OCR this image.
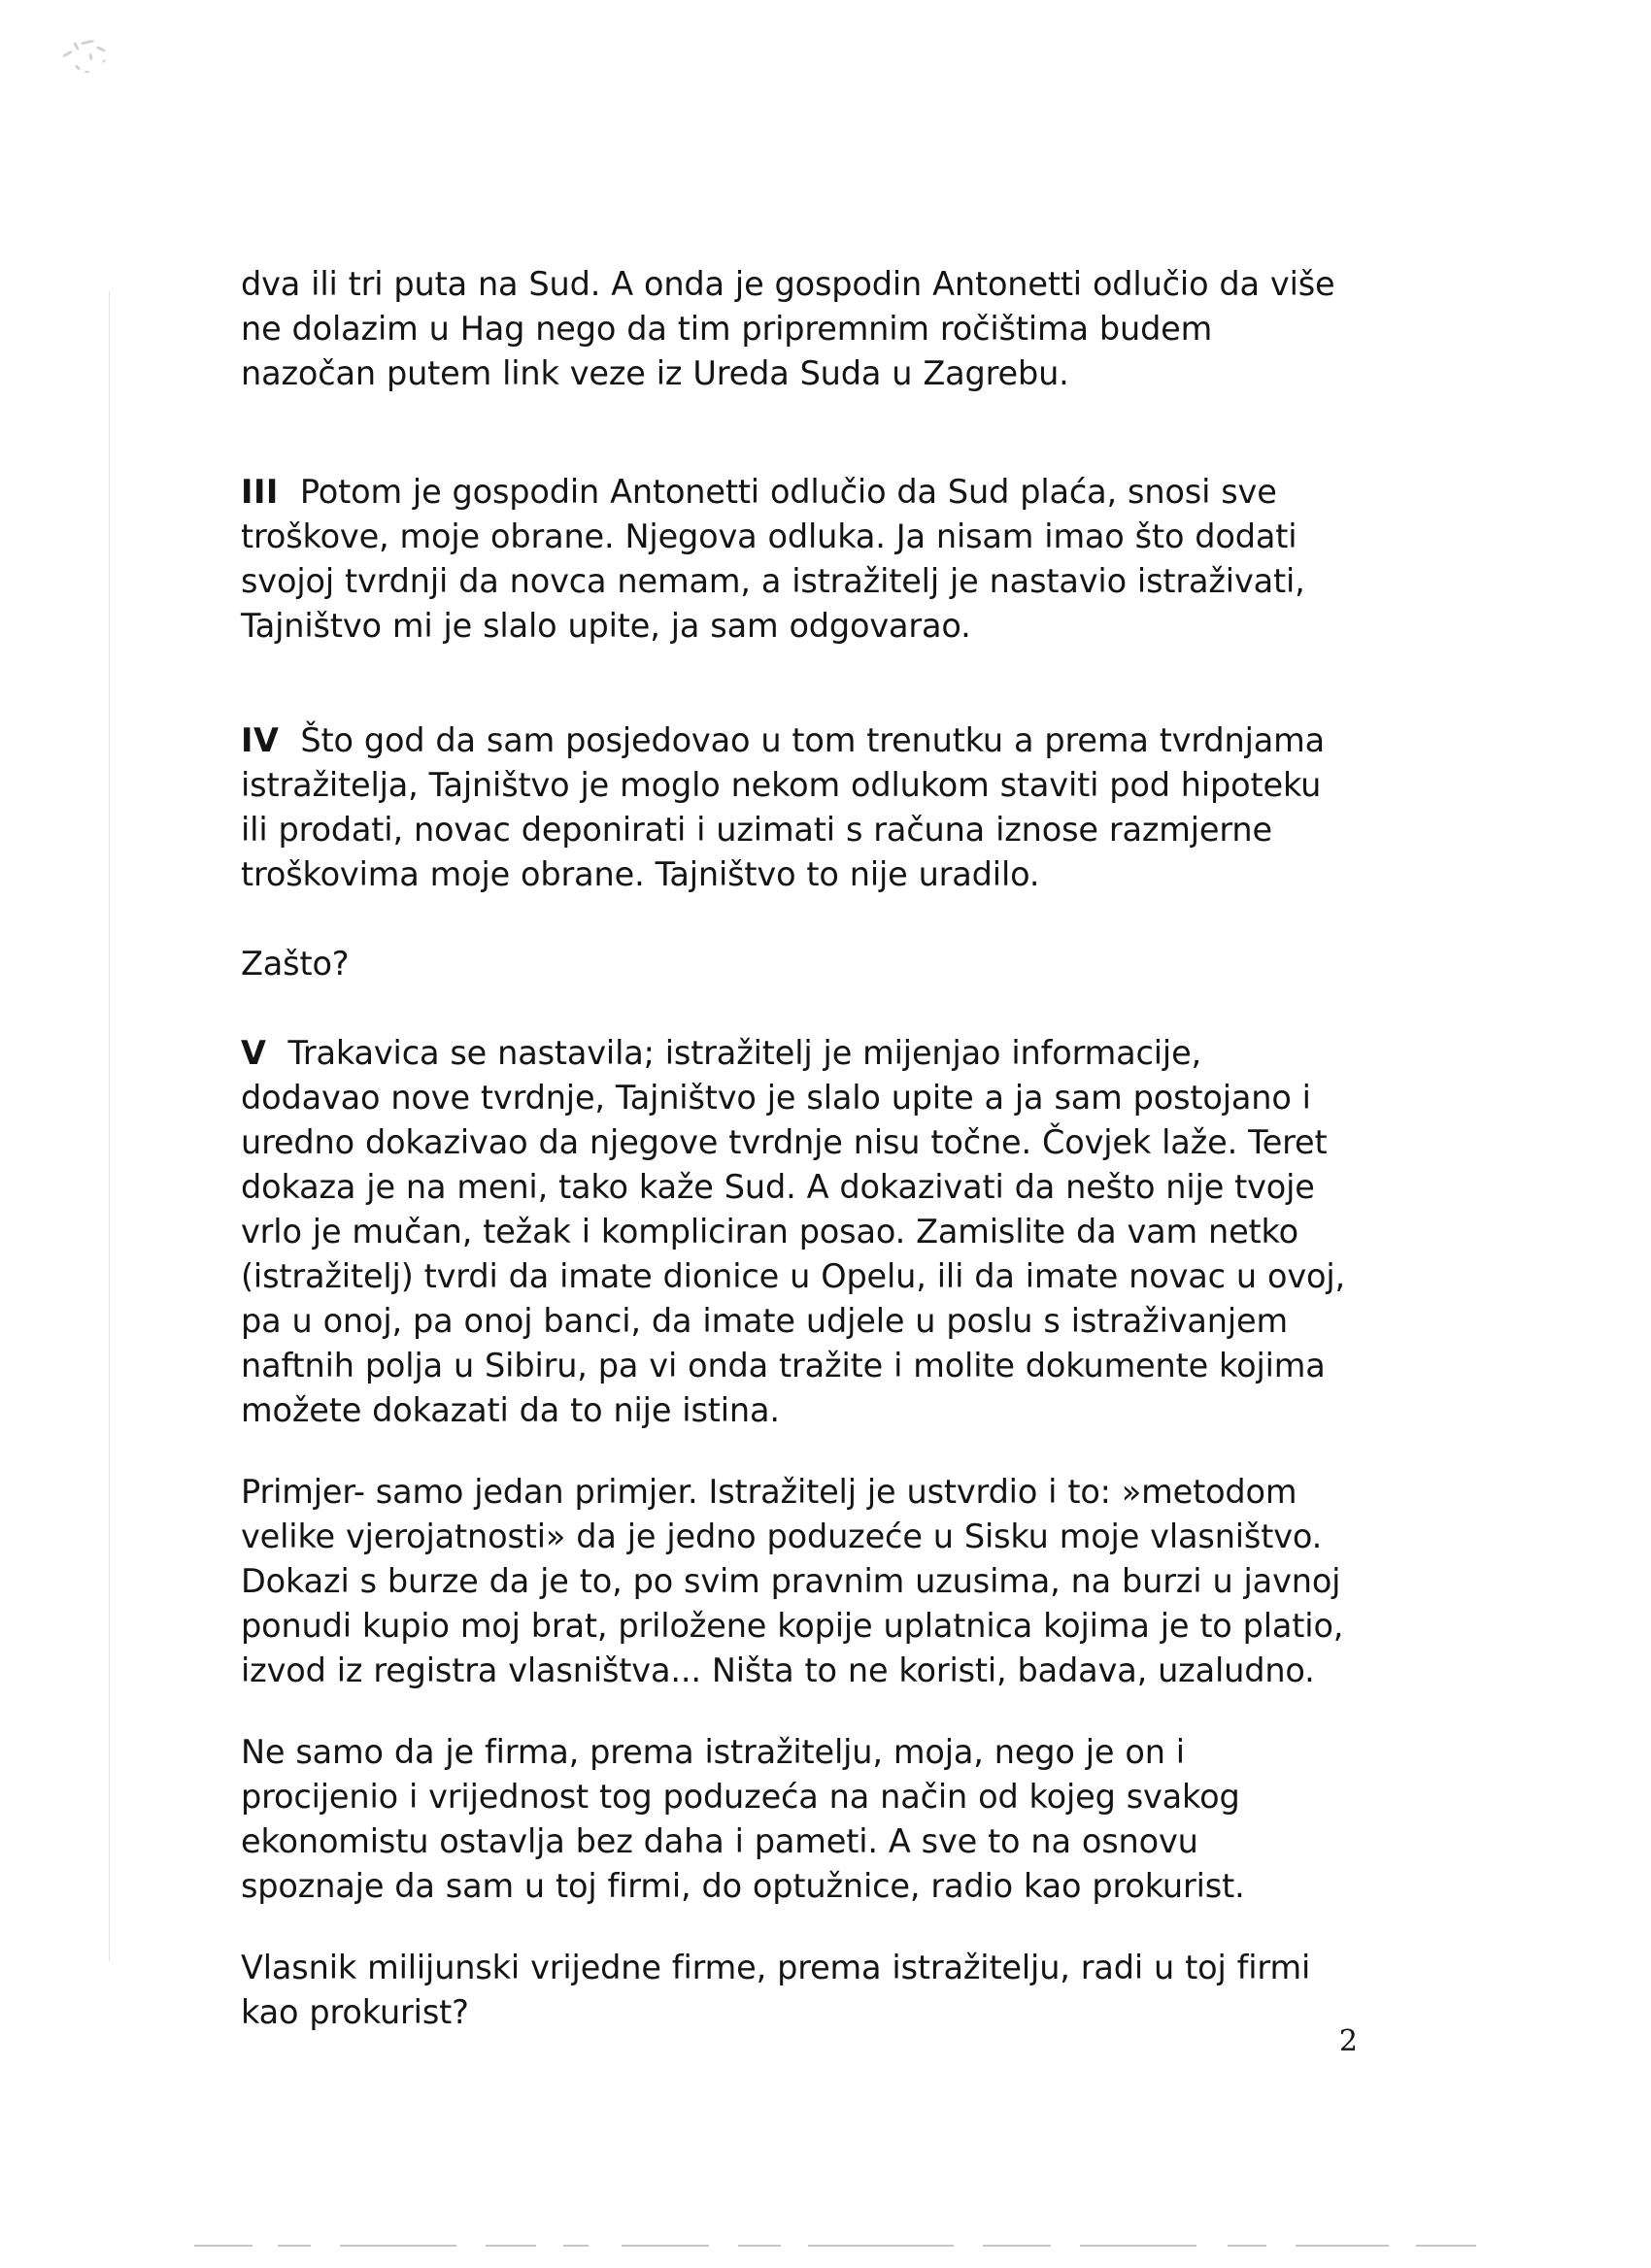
dva ili tri puta na Sud. A onda je gospodin Antonetti odlučio da više ne dolazim u Hag nego da tim pripremnim ročištima budem nazočan putem link veze iz Ureda Suda u Zagrebu.

III Potom je gospodin Antonetti odlučio da Sud plaća, snosi sve troškove, moje obrane. Njegova odluka. Ja nisam imao što dodati svojoj tvrdnji da novca nemam, a istražitelj je nastavio istraživati, Tajništvo mi je slalo upite, ja sam odgovarao.

IV Što god da sam posjedovao u tom trenutku a prema tvrdnjama istražitelja, Tajništvo je moglo nekom odlukom staviti pod hipoteku ili prodati, novac deponirati i uzimati s računa iznose razmjerne troškovima moje obrane. Tajništvo to nije uradilo.

Zašto?

V Trakavica se nastavila; istražitelj je mijenjao informacije, dodavao nove tvrdnje, Tajništvo je slalo upite a ja sam postojano i uredno dokazivao da njegove tvrdnje nisu točne. Čovjek laže. Teret dokaza je na meni, tako kaže Sud. A dokazivati da nešto nije tvoje vrlo je mučan, težak i kompliciran posao. Zamislite da vam netko (istražitelj) tvrdi da imate dionice u Opelu, ili da imate novac u ovoj, pa u onoj, pa onoj banci, da imate udjele u poslu s istraživanjem naftnih polja u Sibiru, pa vi onda tražite i molite dokumente kojima možete dokazati da to nije istina.

Primjer- samo jedan primjer. Istražitelj je ustvrdio i to: »metodom velike vjerojatnosti» da je jedno poduzeće u Sisku moje vlasništvo. Dokazi s burze da je to, po svim pravnim uzusima, na burzi u javnoj ponudi kupio moj brat, priložene kopije uplatnica kojima je to platio, izvod iz registra vlasništva... Ništa to ne koristi, badava, uzaludno.

Ne samo da je firma, prema istražitelju, moja, nego je on i procijenio i vrijednost tog poduzeća na način od kojeg svakog ekonomistu ostavlja bez daha i pameti. A sve to na osnovu spoznaje da sam u toj firmi, do optužnice, radio kao prokurist.

Vlasnik milijunski vrijedne firme, prema istražitelju, radi u toj firmi kao prokurist?

2
